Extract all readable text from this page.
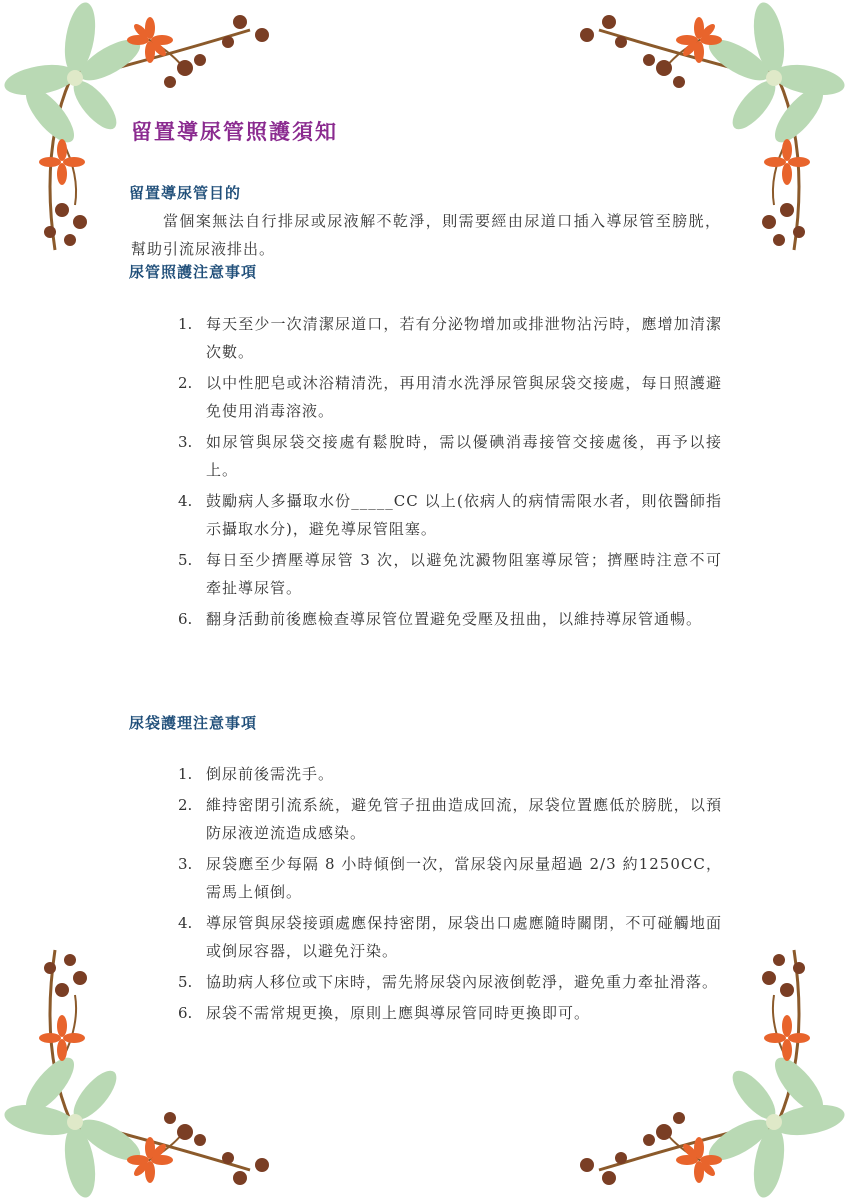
留置導尿管照護須知
留置導尿管目的

當個案無法自行排尿或尿液解不乾淨，則需要經由尿道口插入導尿管至膀胱，幫助引流尿液排出。

尿管照護注意事項
1. 每天至少一次清潔尿道口，若有分泌物增加或排泄物沾污時，應增加清潔次數。
2. 以中性肥皂或沐浴精清洗，再用清水洗淨尿管與尿袋交接處，每日照護避免使用消毒溶液。
3. 如尿管與尿袋交接處有鬆脫時，需以優碘消毒接管交接處後，再予以接上。
4. 鼓勵病人多攝取水份_____CC 以上(依病人的病情需限水者，則依醫師指示攝取水分)，避免導尿管阻塞。
5. 每日至少擠壓導尿管 3 次，以避免沈澱物阻塞導尿管；擠壓時注意不可牽扯導尿管。
6. 翻身活動前後應檢查導尿管位置避免受壓及扭曲，以維持導尿管通暢。
尿袋護理注意事項
1. 倒尿前後需洗手。
2. 維持密閉引流系統，避免管子扭曲造成回流，尿袋位置應低於膀胱，以預防尿液逆流造成感染。
3. 尿袋應至少每隔 8 小時傾倒一次，當尿袋內尿量超過 2/3 約1250CC，需馬上傾倒。
4. 導尿管與尿袋接頭處應保持密閉，尿袋出口處應隨時關閉，不可碰觸地面或倒尿容器，以避免汙染。
5. 協助病人移位或下床時，需先將尿袋內尿液倒乾淨，避免重力牽扯滑落。
6. 尿袋不需常規更換，原則上應與導尿管同時更換即可。
